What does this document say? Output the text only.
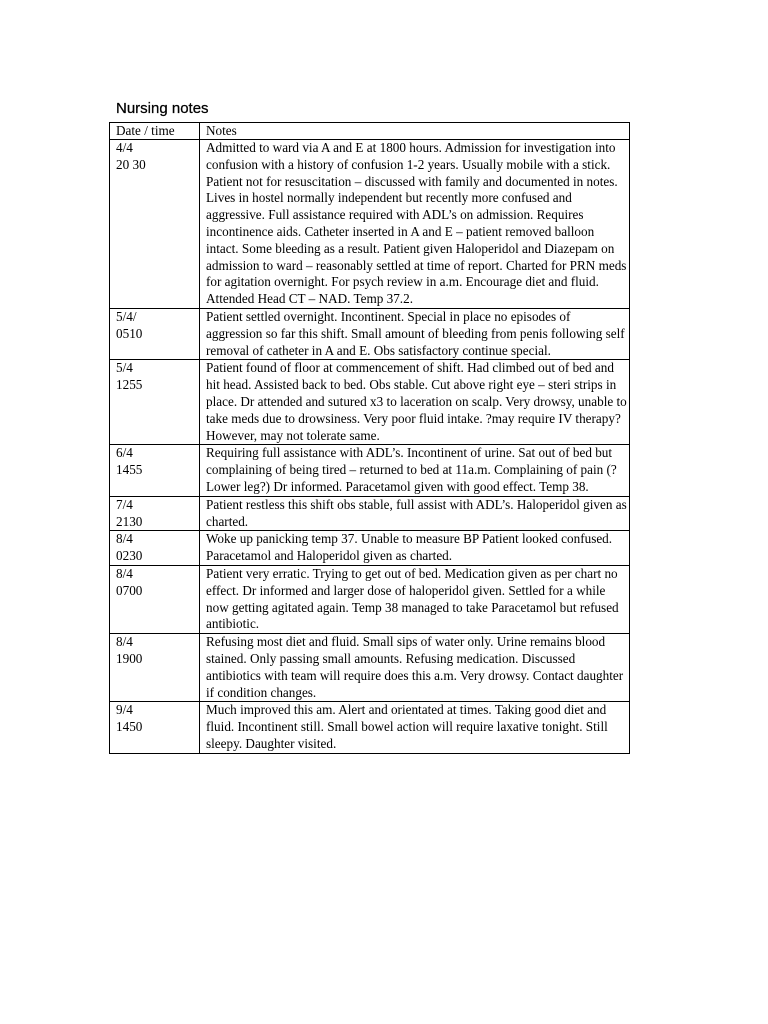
Nursing notes
Date / time	Notes

4/4
20 30	Admitted to ward via A and E at 1800 hours. Admission for investigation into confusion with a history of confusion 1-2 years. Usually mobile with a stick. Patient not for resuscitation – discussed with family and documented in notes. Lives in hostel normally independent but recently more confused and aggressive. Full assistance required with ADL’s on admission. Requires incontinence aids. Catheter inserted in A and E – patient removed balloon intact. Some bleeding as a result. Patient given Haloperidol and Diazepam on admission to ward – reasonably settled at time of report. Charted for PRN meds for agitation overnight. For psych review in a.m. Encourage diet and fluid. Attended Head CT – NAD. Temp 37.2.

5/4/
0510	Patient settled overnight. Incontinent. Special in place no episodes of aggression so far this shift. Small amount of bleeding from penis following self removal of catheter in A and E. Obs satisfactory continue special.

5/4
1255	Patient found of floor at commencement of shift. Had climbed out of bed and hit head. Assisted back to bed. Obs stable. Cut above right eye – steri strips in place. Dr attended and sutured x3 to laceration on scalp. Very drowsy, unable to take meds due to drowsiness. Very poor fluid intake. ?may require IV therapy? However, may not tolerate same.

6/4
1455	Requiring full assistance with ADL’s. Incontinent of urine. Sat out of bed but complaining of being tired – returned to bed at 11a.m. Complaining of pain (? Lower leg?) Dr informed. Paracetamol given with good effect. Temp 38.

7/4
2130	Patient restless this shift obs stable, full assist with ADL’s. Haloperidol given as charted.

8/4
0230	Woke up panicking temp 37. Unable to measure BP Patient looked confused. Paracetamol and Haloperidol given as charted.

8/4
0700	Patient very erratic. Trying to get out of bed. Medication given as per chart no effect. Dr informed and larger dose of haloperidol given. Settled for a while now getting agitated again. Temp 38 managed to take Paracetamol but refused antibiotic.

8/4
1900	Refusing most diet and fluid. Small sips of water only. Urine remains blood stained. Only passing small amounts. Refusing medication. Discussed antibiotics with team will require does this a.m. Very drowsy. Contact daughter if condition changes.

9/4
1450	Much improved this am. Alert and orientated at times. Taking good diet and fluid. Incontinent still. Small bowel action will require laxative tonight. Still sleepy. Daughter visited.
